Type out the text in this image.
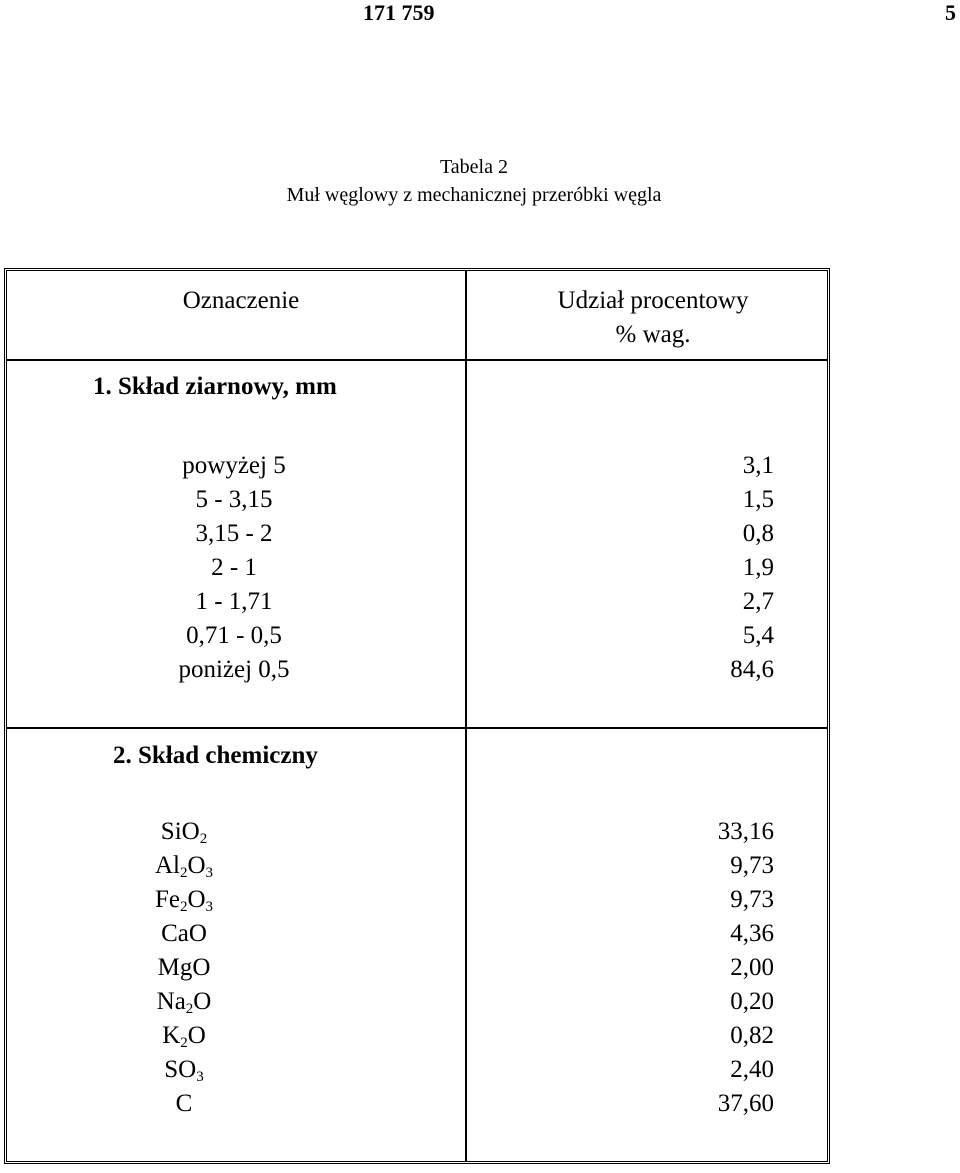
171 759	5
Tabela 2
Muł węglowy z mechanicznej przeróbki węgla
Oznaczenie	Udział procentowy
% wag.
1. Skład ziarnowy, mm
powyżej 5
5 - 3,15
3,15 - 2
2 - 1
1 - 1,71
0,71 - 0,5
poniżej 0,5
3,1
1,5
0,8
1,9
2,7
5,4
84,6
2. Skład chemiczny
SiO$_2$
$Al_2O_3$
$Fe_2O_3$
CaO
MgO
$Na_2O$
$K_2O$
$SO_3$
C
33,16
9,73
9,73
4,36
2,00
0,20
0,82
2,40
37,60
